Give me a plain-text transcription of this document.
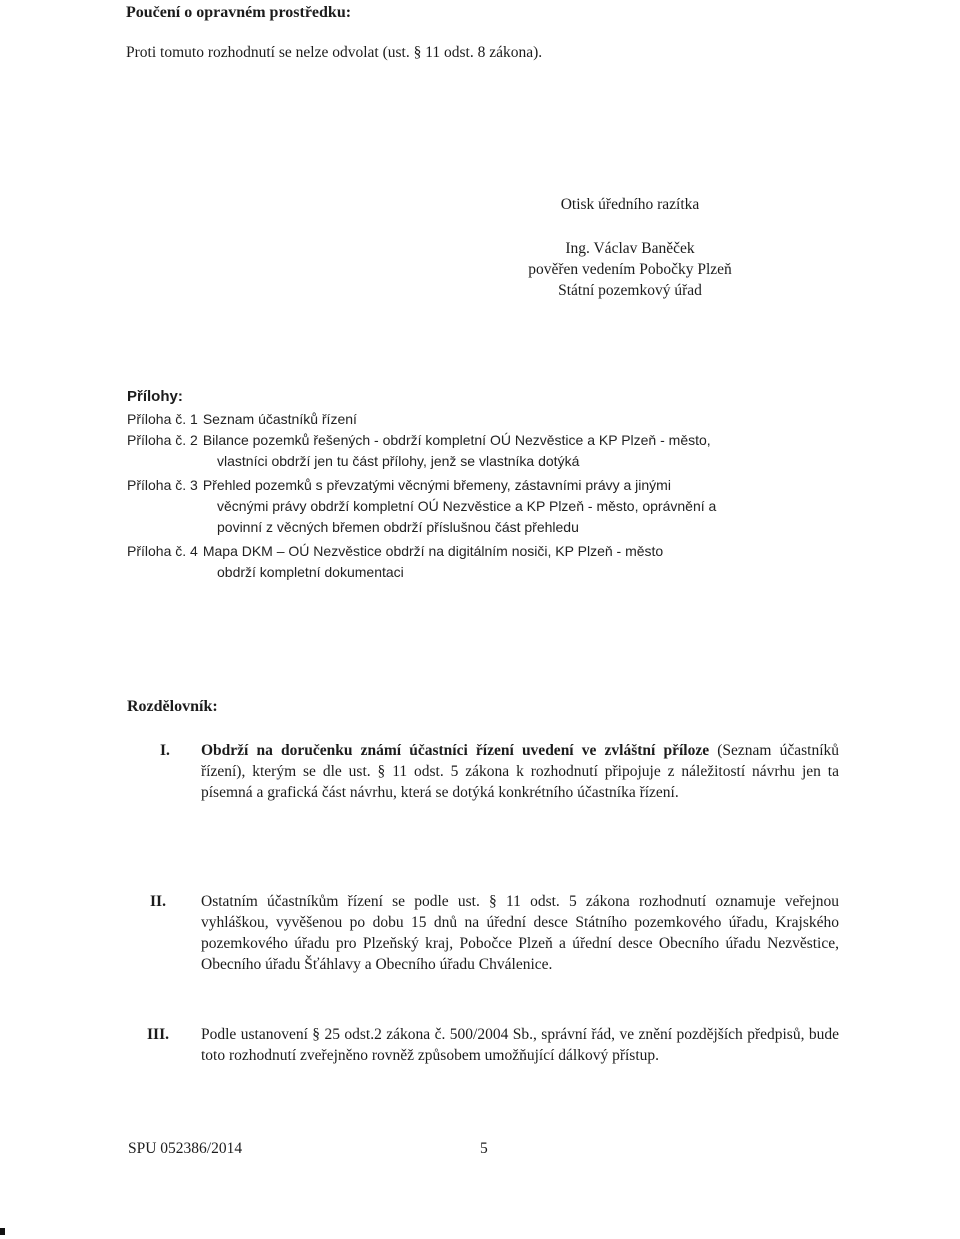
Poučení o opravném prostředku:
Proti tomuto rozhodnutí se nelze odvolat (ust. § 11 odst. 8 zákona).
Otisk úředního razítka
Ing. Václav Baněček
pověřen vedením Pobočky Plzeň
Státní pozemkový úřad
Přílohy:
Příloha č. 1 Seznam účastníků řízení
Příloha č. 2 Bilance pozemků řešených - obdrží kompletní OÚ Nezvěstice a KP Plzeň - město,
vlastníci obdrží jen tu část přílohy, jenž se vlastníka dotýká
Příloha č. 3 Přehled pozemků s převzatými věcnými břemeny, zástavními právy a jinými
věcnými právy obdrží kompletní OÚ Nezvěstice a KP Plzeň - město, oprávnění a
povinní z věcných břemen obdrží příslušnou část přehledu
Příloha č. 4 Mapa DKM – OÚ Nezvěstice obdrží na digitálním nosiči, KP Plzeň - město
obdrží kompletní dokumentaci
Rozdělovník:
I. Obdrží na doručenku známí účastníci řízení uvedení ve zvláštní příloze (Seznam účastníků řízení), kterým se dle ust. § 11 odst. 5 zákona k rozhodnutí připojuje z náležitostí návrhu jen ta písemná a grafická část návrhu, která se dotýká konkrétního účastníka řízení.
II. Ostatním účastníkům řízení se podle ust. § 11 odst. 5 zákona rozhodnutí oznamuje veřejnou vyhláškou, vyvěšenou po dobu 15 dnů na úřední desce Státního pozemkového úřadu, Krajského pozemkového úřadu pro Plzeňský kraj, Pobočce Plzeň a úřední desce Obecního úřadu Nezvěstice, Obecního úřadu Šťáhlavy a Obecního úřadu Chválenice.
III. Podle ustanovení § 25 odst.2 zákona č. 500/2004 Sb., správní řád, ve znění pozdějších předpisů, bude toto rozhodnutí zveřejněno rovněž způsobem umožňující dálkový přístup.
SPU 052386/2014	5
